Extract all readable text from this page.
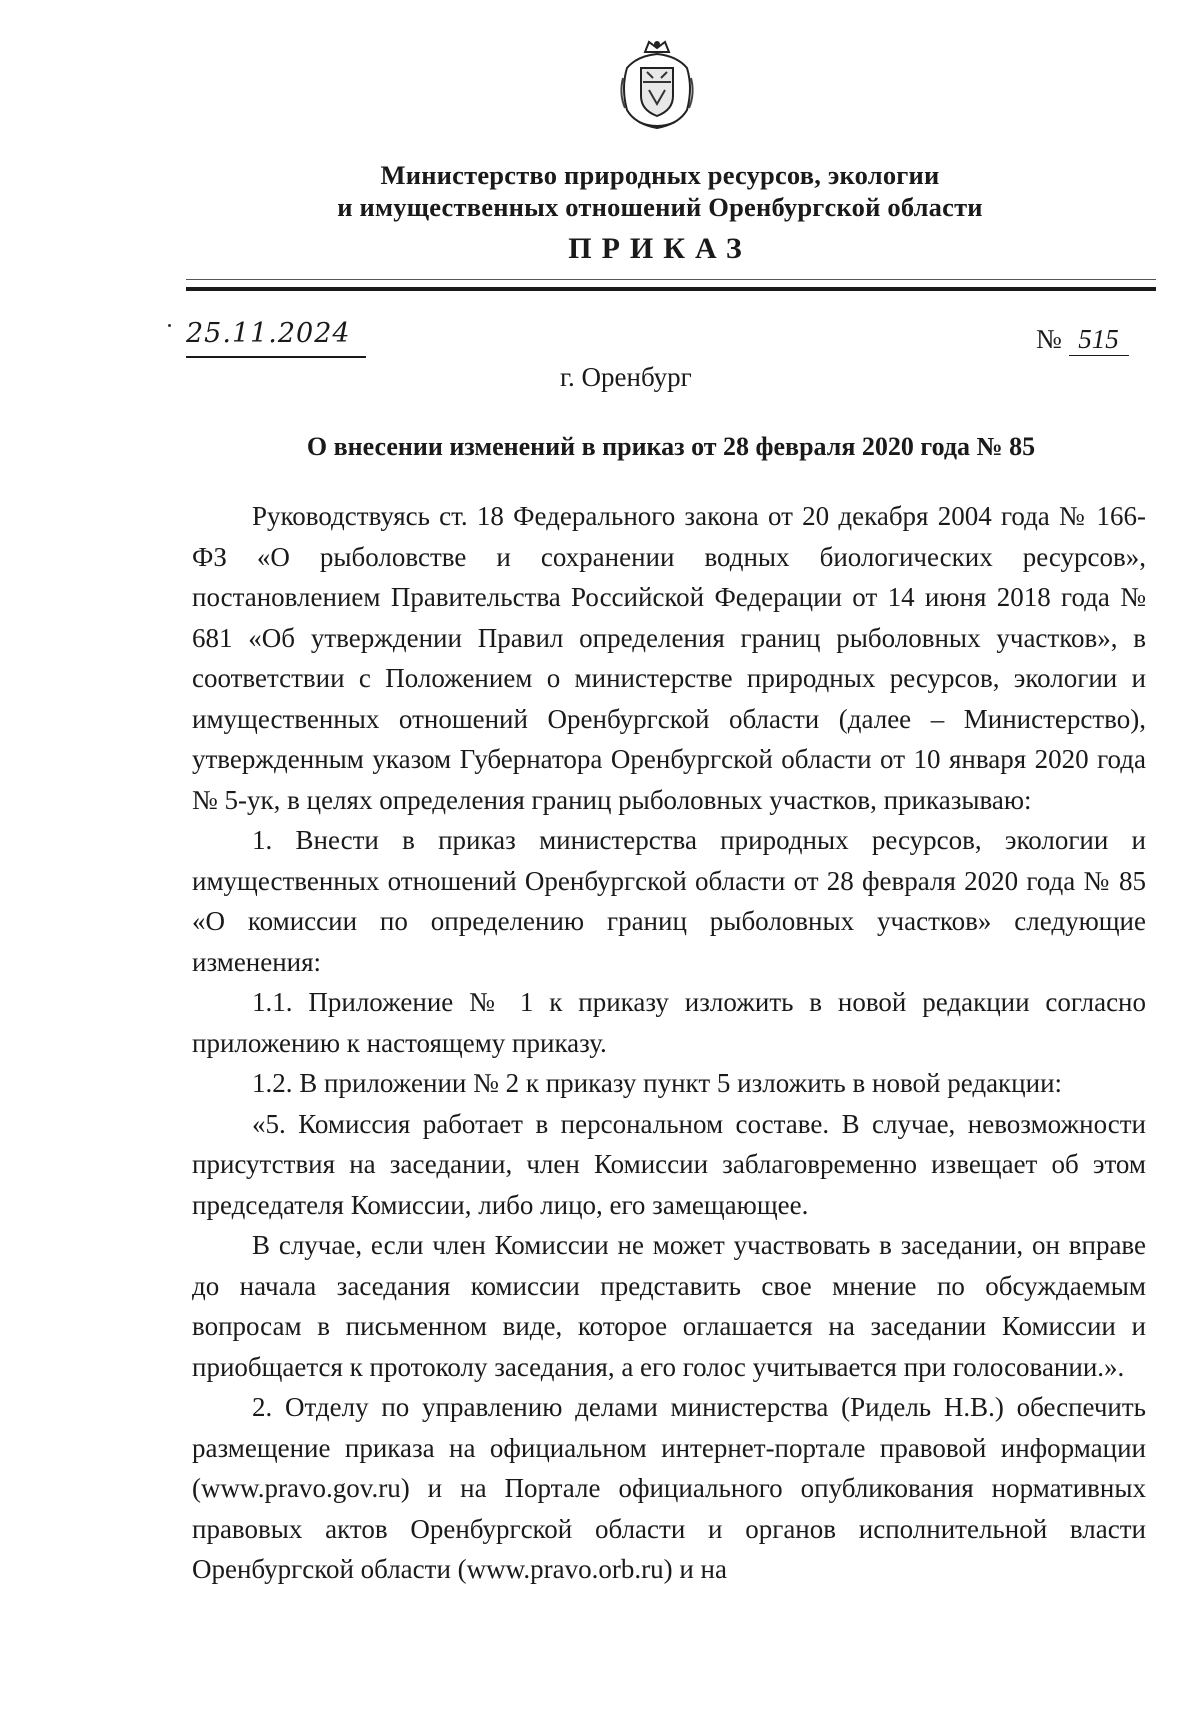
Министерство природных ресурсов, экологии
и имущественных отношений Оренбургской области
ПРИКАЗ
25.11.2024	№ 515
г. Оренбург
О внесении изменений в приказ от 28 февраля 2020 года № 85

Руководствуясь ст. 18 Федерального закона от 20 декабря 2004 года № 166-ФЗ «О рыболовстве и сохранении водных биологических ресурсов», постановлением Правительства Российской Федерации от 14 июня 2018 года № 681 «Об утверждении Правил определения границ рыболовных участков», в соответствии с Положением о министерстве природных ресурсов, экологии и имущественных отношений Оренбургской области (далее – Министерство), утвержденным указом Губернатора Оренбургской области от 10 января 2020 года № 5-ук, в целях определения границ рыболовных участков, приказываю:

1. Внести в приказ министерства природных ресурсов, экологии и имущественных отношений Оренбургской области от 28 февраля 2020 года № 85 «О комиссии по определению границ рыболовных участков» следующие изменения:

1.1. Приложение № 1 к приказу изложить в новой редакции согласно приложению к настоящему приказу.

1.2. В приложении № 2 к приказу пункт 5 изложить в новой редакции:

«5. Комиссия работает в персональном составе. В случае, невозможности присутствия на заседании, член Комиссии заблаговременно извещает об этом председателя Комиссии, либо лицо, его замещающее.

В случае, если член Комиссии не может участвовать в заседании, он вправе до начала заседания комиссии представить свое мнение по обсуждаемым вопросам в письменном виде, которое оглашается на заседании Комиссии и приобщается к протоколу заседания, а его голос учитывается при голосовании.».

2. Отделу по управлению делами министерства (Ридель Н.В.) обеспечить размещение приказа на официальном интернет-портале правовой информации (www.pravo.gov.ru) и на Портале официального опубликования нормативных правовых актов Оренбургской области и органов исполнительной власти Оренбургской области (www.pravo.orb.ru) и на
